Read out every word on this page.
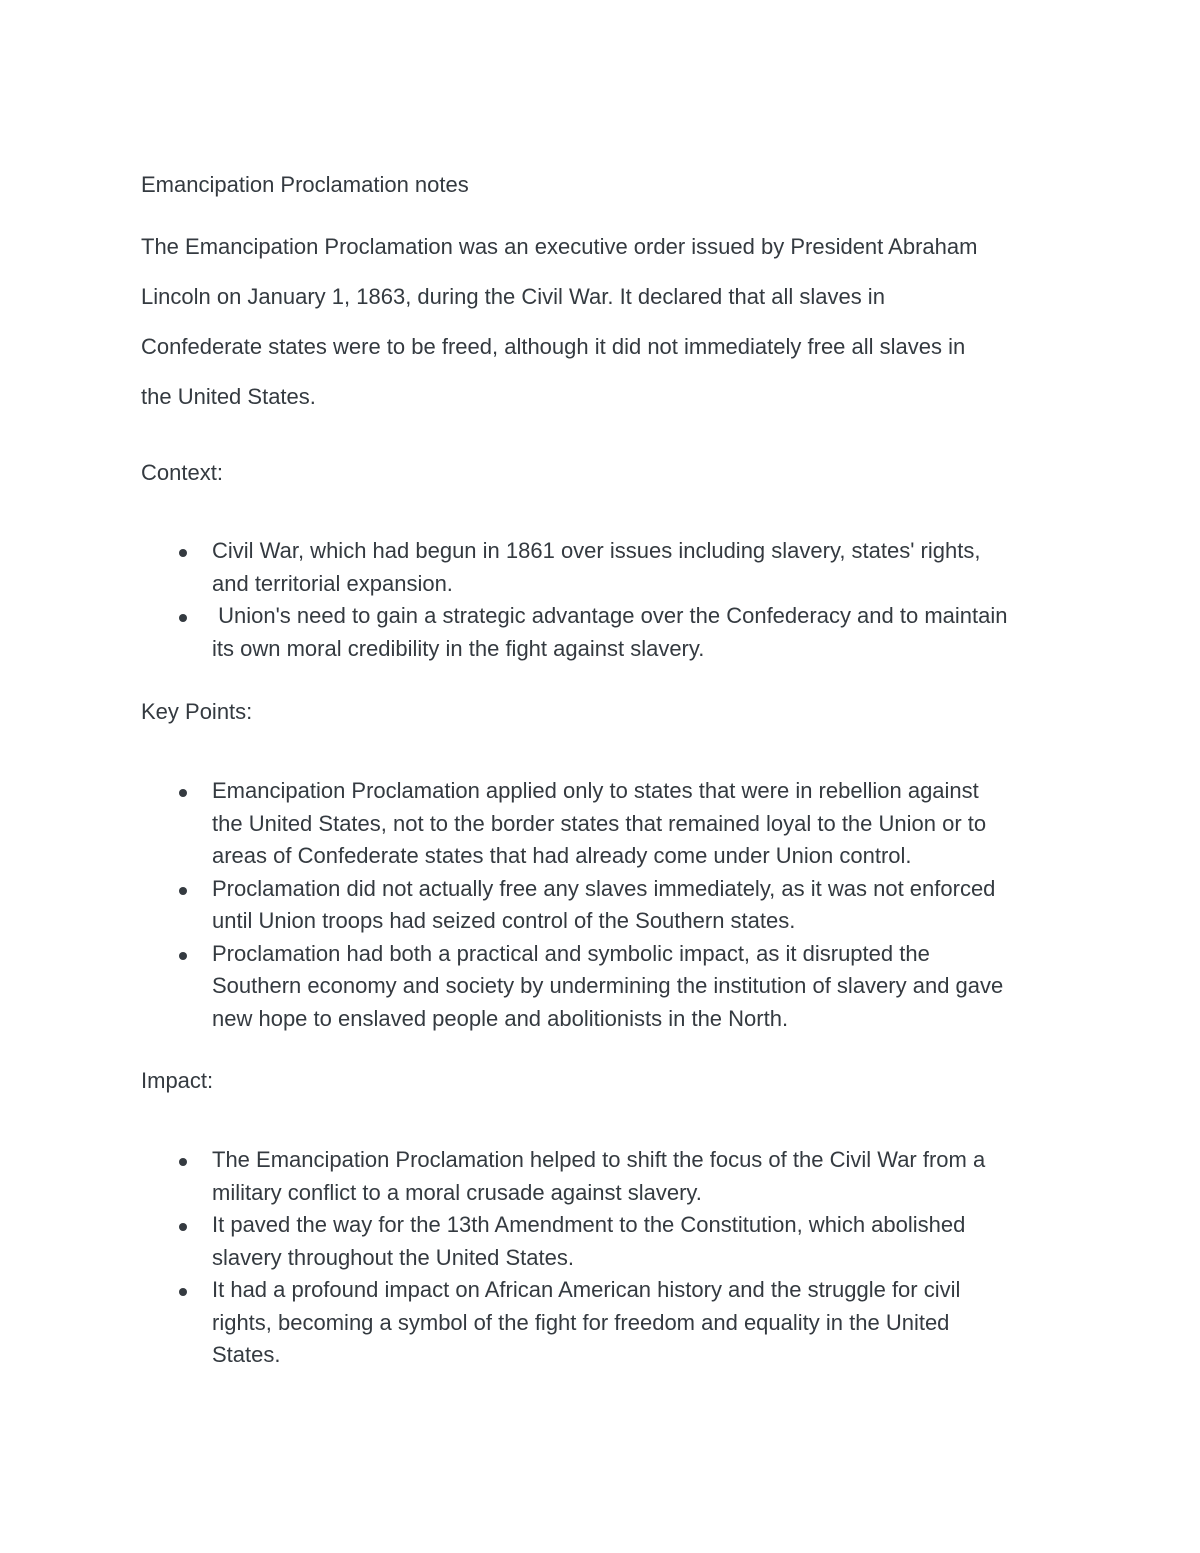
Emancipation Proclamation notes

The Emancipation Proclamation was an executive order issued by President Abraham
Lincoln on January 1, 1863, during the Civil War. It declared that all slaves in
Confederate states were to be freed, although it did not immediately free all slaves in
the United States.

Context:
Civil War, which had begun in 1861 over issues including slavery, states' rights,
and territorial expansion.
Union's need to gain a strategic advantage over the Confederacy and to maintain
its own moral credibility in the fight against slavery.
Key Points:
Emancipation Proclamation applied only to states that were in rebellion against
the United States, not to the border states that remained loyal to the Union or to
areas of Confederate states that had already come under Union control.
Proclamation did not actually free any slaves immediately, as it was not enforced
until Union troops had seized control of the Southern states.
Proclamation had both a practical and symbolic impact, as it disrupted the
Southern economy and society by undermining the institution of slavery and gave
new hope to enslaved people and abolitionists in the North.
Impact:
The Emancipation Proclamation helped to shift the focus of the Civil War from a
military conflict to a moral crusade against slavery.
It paved the way for the 13th Amendment to the Constitution, which abolished
slavery throughout the United States.
It had a profound impact on African American history and the struggle for civil
rights, becoming a symbol of the fight for freedom and equality in the United
States.
